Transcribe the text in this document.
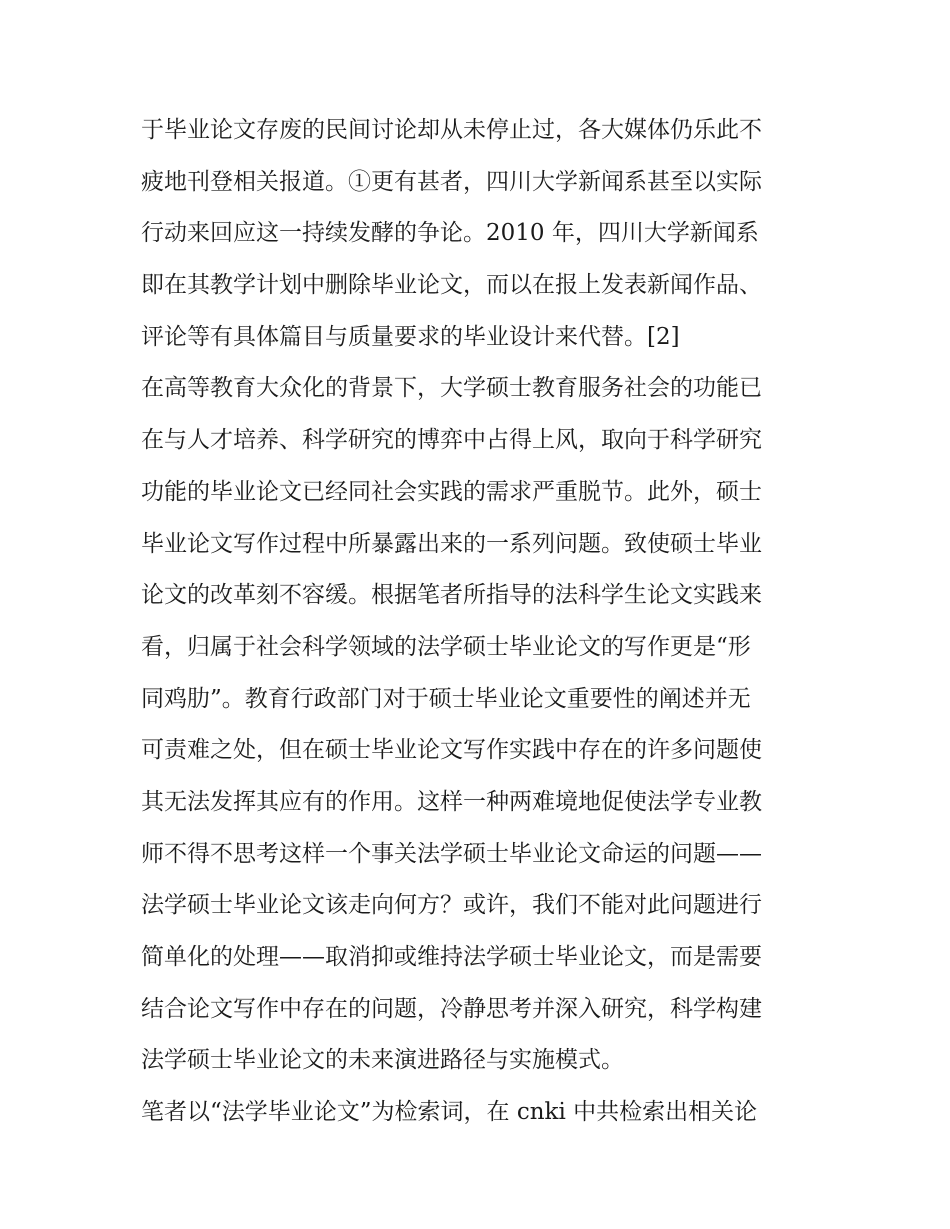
于毕业论文存废的民间讨论却从未停止过，各大媒体仍乐此不
疲地刊登相关报道。①更有甚者，四川大学新闻系甚至以实际
行动来回应这一持续发酵的争论。2010 年，四川大学新闻系
即在其教学计划中删除毕业论文，而以在报上发表新闻作品、
评论等有具体篇目与质量要求的毕业设计来代替。[2]
在高等教育大众化的背景下，大学硕士教育服务社会的功能已
在与人才培养、科学研究的博弈中占得上风，取向于科学研究
功能的毕业论文已经同社会实践的需求严重脱节。此外，硕士
毕业论文写作过程中所暴露出来的一系列问题。致使硕士毕业
论文的改革刻不容缓。根据笔者所指导的法科学生论文实践来
看，归属于社会科学领域的法学硕士毕业论文的写作更是“形
同鸡肋”。教育行政部门对于硕士毕业论文重要性的阐述并无
可责难之处，但在硕士毕业论文写作实践中存在的许多问题使
其无法发挥其应有的作用。这样一种两难境地促使法学专业教
师不得不思考这样一个事关法学硕士毕业论文命运的问题——
法学硕士毕业论文该走向何方？或许，我们不能对此问题进行
简单化的处理——取消抑或维持法学硕士毕业论文，而是需要
结合论文写作中存在的问题，冷静思考并深入研究，科学构建
法学硕士毕业论文的未来演进路径与实施模式。
笔者以“法学毕业论文”为检索词，在 cnki 中共检索出相关论
